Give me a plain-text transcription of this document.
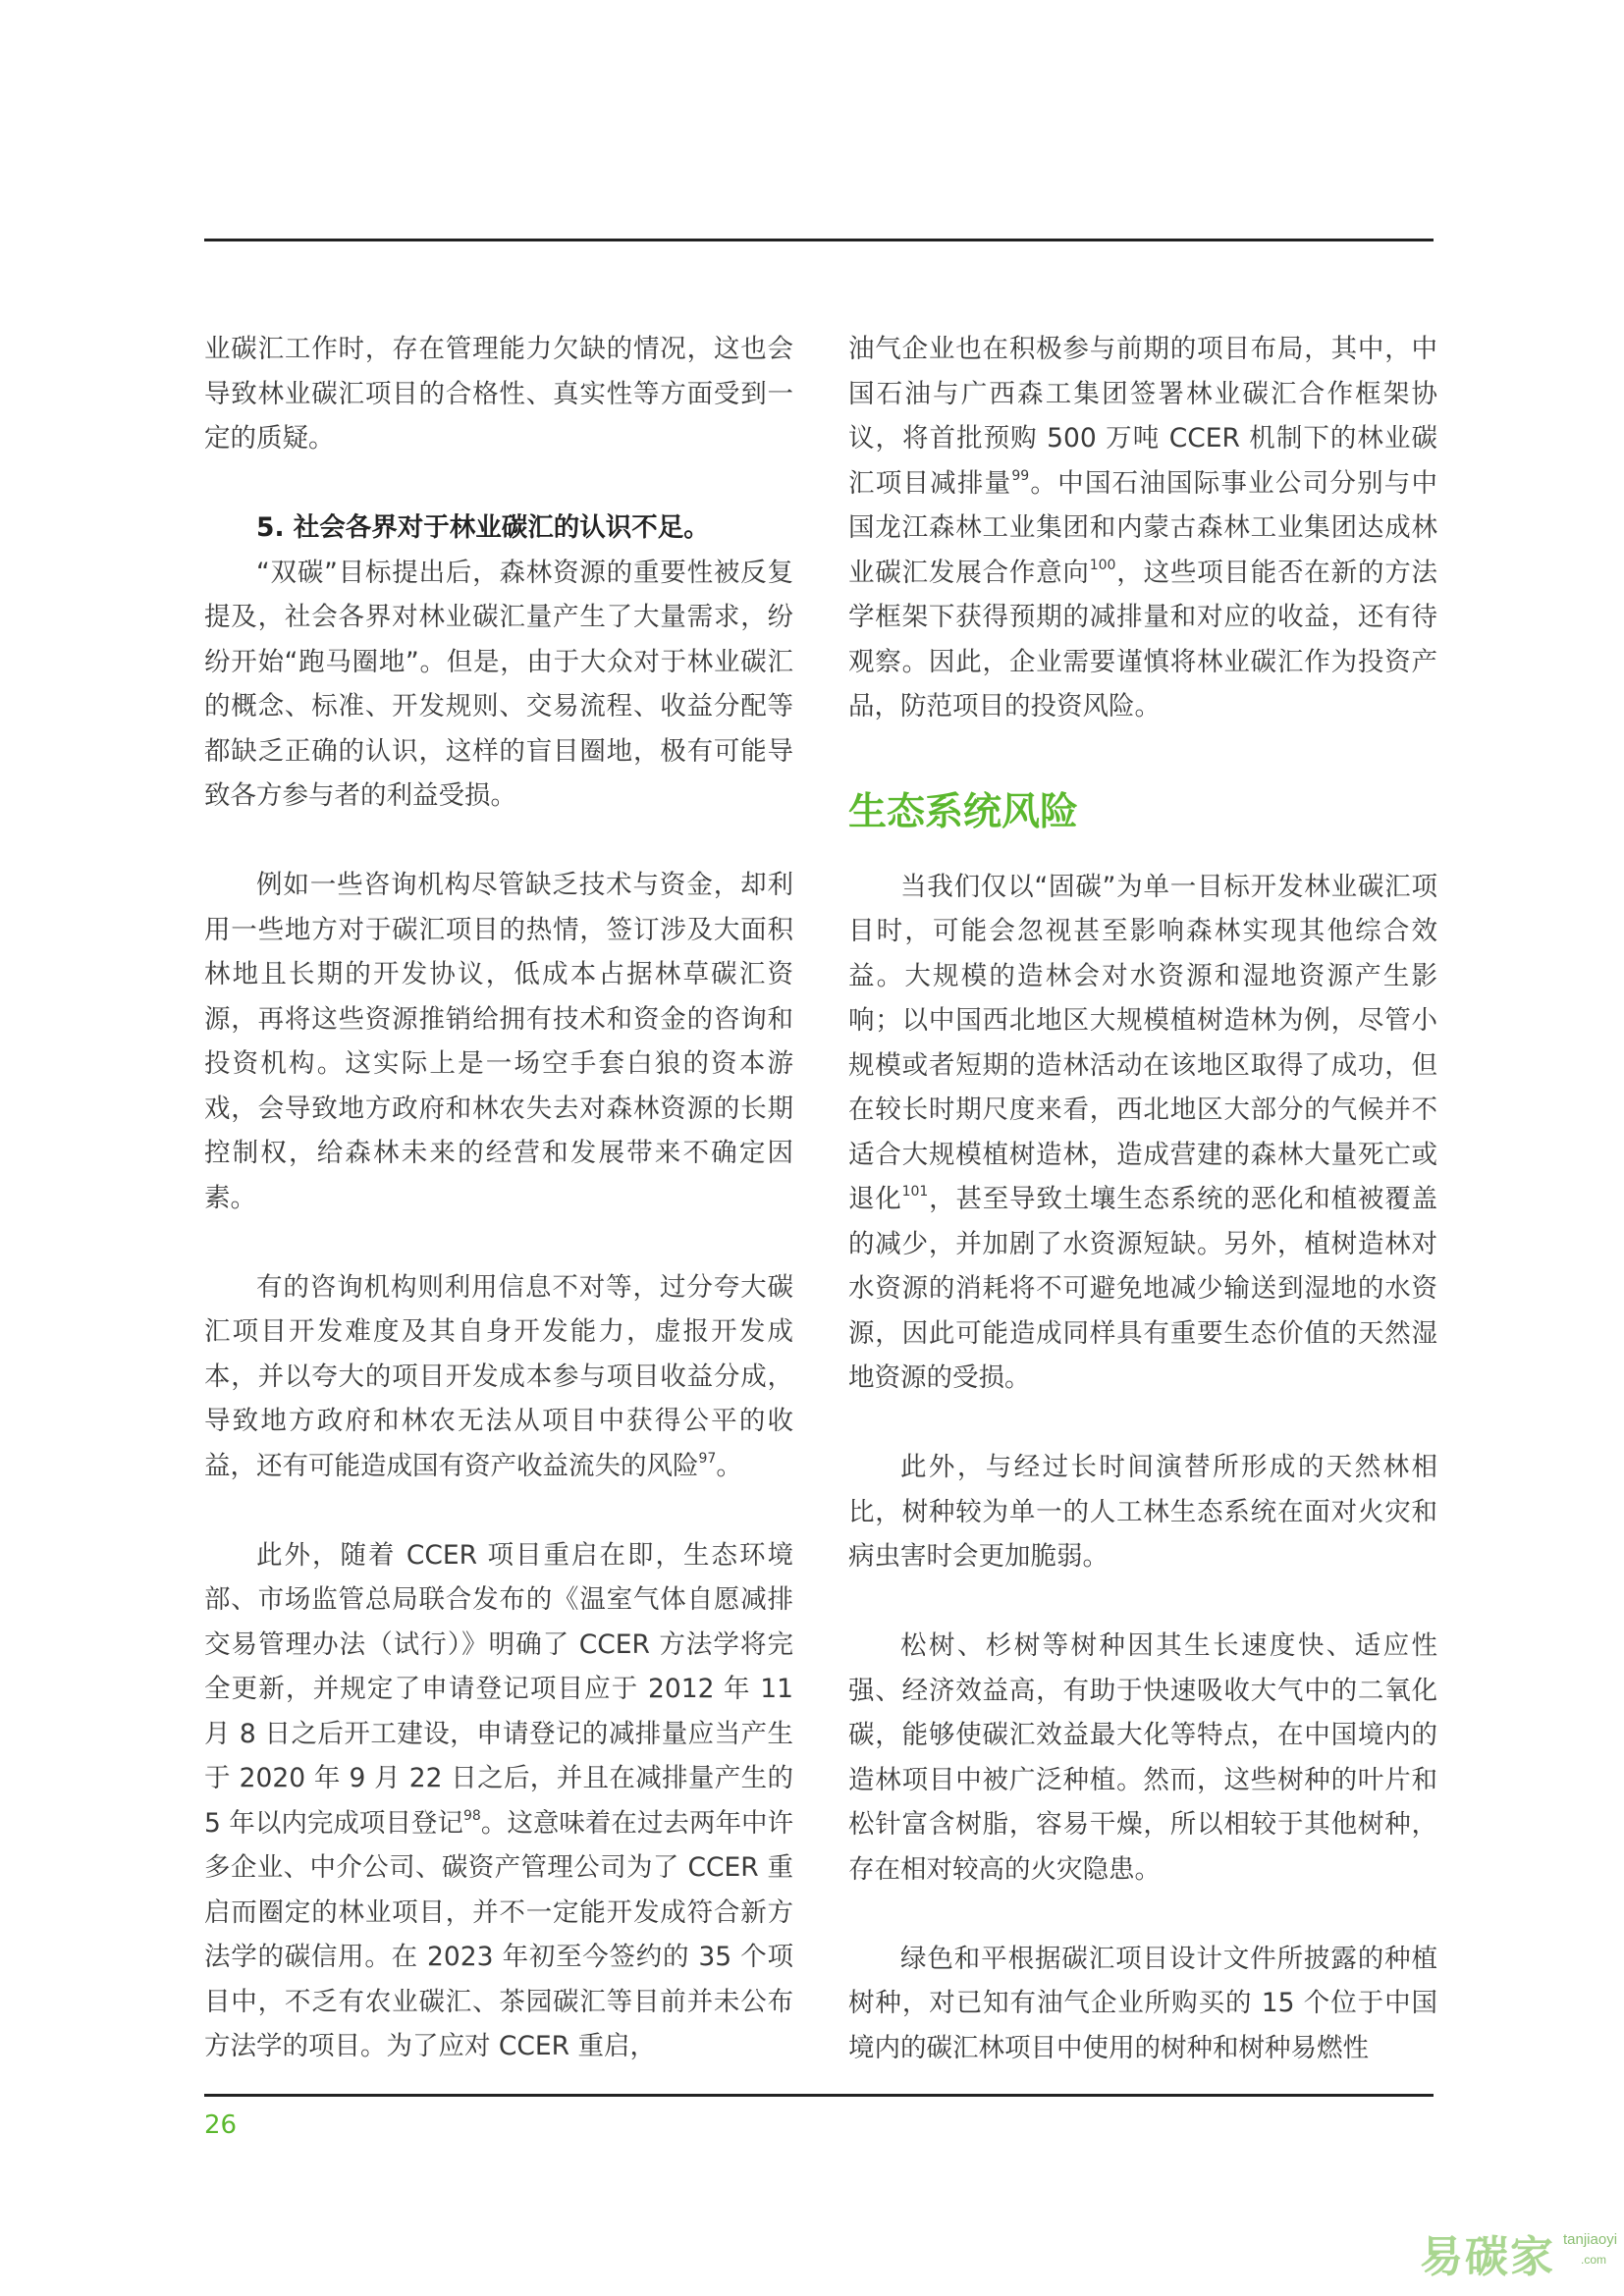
业碳汇工作时，存在管理能力欠缺的情况，这也会导致林业碳汇项目的合格性、真实性等方面受到一定的质疑。

5. 社会各界对于林业碳汇的认识不足。

“双碳”目标提出后，森林资源的重要性被反复提及，社会各界对林业碳汇量产生了大量需求，纷纷开始“跑马圈地”。但是，由于大众对于林业碳汇的概念、标准、开发规则、交易流程、收益分配等都缺乏正确的认识，这样的盲目圈地，极有可能导致各方参与者的利益受损。

例如一些咨询机构尽管缺乏技术与资金，却利用一些地方对于碳汇项目的热情，签订涉及大面积林地且长期的开发协议，低成本占据林草碳汇资源，再将这些资源推销给拥有技术和资金的咨询和投资机构。这实际上是一场空手套白狼的资本游戏，会导致地方政府和林农失去对森林资源的长期控制权，给森林未来的经营和发展带来不确定因素。

有的咨询机构则利用信息不对等，过分夸大碳汇项目开发难度及其自身开发能力，虚报开发成本，并以夸大的项目开发成本参与项目收益分成，导致地方政府和林农无法从项目中获得公平的收益，还有可能造成国有资产收益流失的风险$^{97}$。

此外，随着 CCER 项目重启在即，生态环境部、市场监管总局联合发布的《温室气体自愿减排交易管理办法（试行）》明确了 CCER 方法学将完全更新，并规定了申请登记项目应于 2012 年 11 月 8 日之后开工建设，申请登记的减排量应当产生于 2020 年 9 月 22 日之后，并且在减排量产生的 5 年以内完成项目登记$^{98}$。这意味着在过去两年中许多企业、中介公司、碳资产管理公司为了 CCER 重启而圈定的林业项目，并不一定能开发成符合新方法学的碳信用。在 2023 年初至今签约的 35 个项目中，不乏有农业碳汇、茶园碳汇等目前并未公布方法学的项目。为了应对 CCER 重启，

油气企业也在积极参与前期的项目布局，其中，中国石油与广西森工集团签署林业碳汇合作框架协议，将首批预购 500 万吨 CCER 机制下的林业碳汇项目减排量$^{99}$。中国石油国际事业公司分别与中国龙江森林工业集团和内蒙古森林工业集团达成林业碳汇发展合作意向$^{100}$，这些项目能否在新的方法学框架下获得预期的减排量和对应的收益，还有待观察。因此，企业需要谨慎将林业碳汇作为投资产品，防范项目的投资风险。

生态系统风险

当我们仅以“固碳”为单一目标开发林业碳汇项目时，可能会忽视甚至影响森林实现其他综合效益。大规模的造林会对水资源和湿地资源产生影响；以中国西北地区大规模植树造林为例，尽管小规模或者短期的造林活动在该地区取得了成功，但在较长时期尺度来看，西北地区大部分的气候并不适合大规模植树造林，造成营建的森林大量死亡或退化$^{101}$，甚至导致土壤生态系统的恶化和植被覆盖的减少，并加剧了水资源短缺。另外，植树造林对水资源的消耗将不可避免地减少输送到湿地的水资源，因此可能造成同样具有重要生态价值的天然湿地资源的受损。

此外，与经过长时间演替所形成的天然林相比，树种较为单一的人工林生态系统在面对火灾和病虫害时会更加脆弱。

松树、杉树等树种因其生长速度快、适应性强、经济效益高，有助于快速吸收大气中的二氧化碳，能够使碳汇效益最大化等特点，在中国境内的造林项目中被广泛种植。然而，这些树种的叶片和松针富含树脂，容易干燥，所以相较于其他树种，存在相对较高的火灾隐患。

绿色和平根据碳汇项目设计文件所披露的种植树种，对已知有油气企业所购买的 15 个位于中国境内的碳汇林项目中使用的树种和树种易燃性

26
易碳家 tanjiaoyi
.com
